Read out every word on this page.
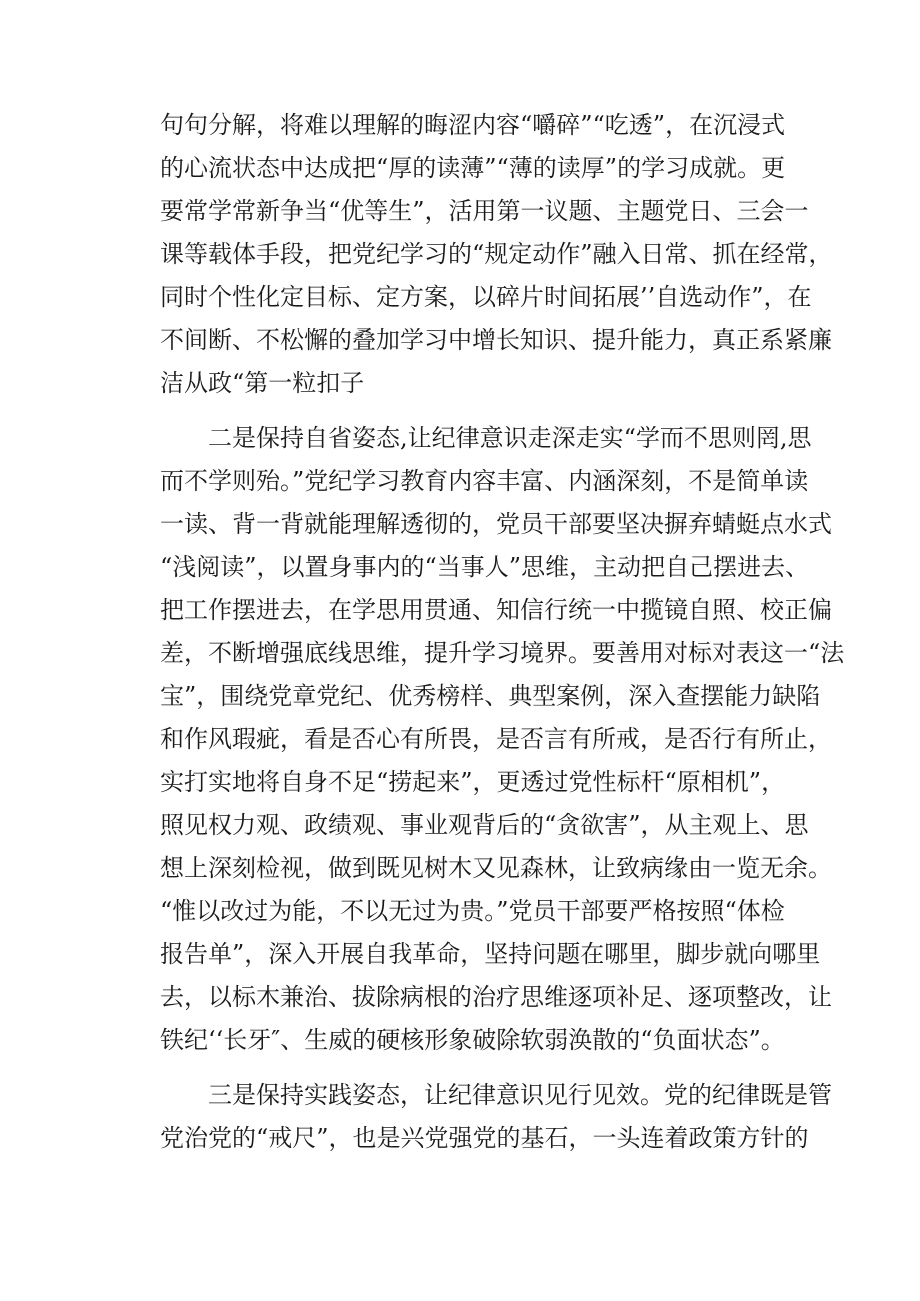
句句分解，将难以理解的晦涩内容“嚼碎”“吃透”，在沉浸式
的心流状态中达成把“厚的读薄”“薄的读厚”的学习成就。更
要常学常新争当“优等生”，活用第一议题、主题党日、三会一
课等载体手段，把党纪学习的“规定动作”融入日常、抓在经常，
同时个性化定目标、定方案，以碎片时间拓展’’自选动作”，在
不间断、不松懈的叠加学习中增长知识、提升能力，真正系紧廉
洁从政“第一粒扣子
二是保持自省姿态,让纪律意识走深走实“学而不思则罔,思
而不学则殆。”党纪学习教育内容丰富、内涵深刻，不是简单读
一读、背一背就能理解透彻的，党员干部要坚决摒弃蜻蜓点水式
“浅阅读”，以置身事内的“当事人”思维，主动把自己摆进去、
把工作摆进去，在学思用贯通、知信行统一中揽镜自照、校正偏
差，不断增强底线思维，提升学习境界。要善用对标对表这一“法
宝”，围绕党章党纪、优秀榜样、典型案例，深入查摆能力缺陷
和作风瑕疵，看是否心有所畏，是否言有所戒，是否行有所止，
实打实地将自身不足“捞起来”，更透过党性标杆“原相机”，
照见权力观、政绩观、事业观背后的“贪欲害”，从主观上、思
想上深刻检视，做到既见树木又见森林，让致病缘由一览无余。
“惟以改过为能，不以无过为贵。”党员干部要严格按照“体检
报告单”，深入开展自我革命，坚持问题在哪里，脚步就向哪里
去，以标木兼治、拔除病根的治疗思维逐项补足、逐项整改，让
铁纪‘‘长牙″、生威的硬核形象破除软弱涣散的“负面状态”。
三是保持实践姿态，让纪律意识见行见效。党的纪律既是管
党治党的“戒尺”，也是兴党强党的基石，一头连着政策方针的
